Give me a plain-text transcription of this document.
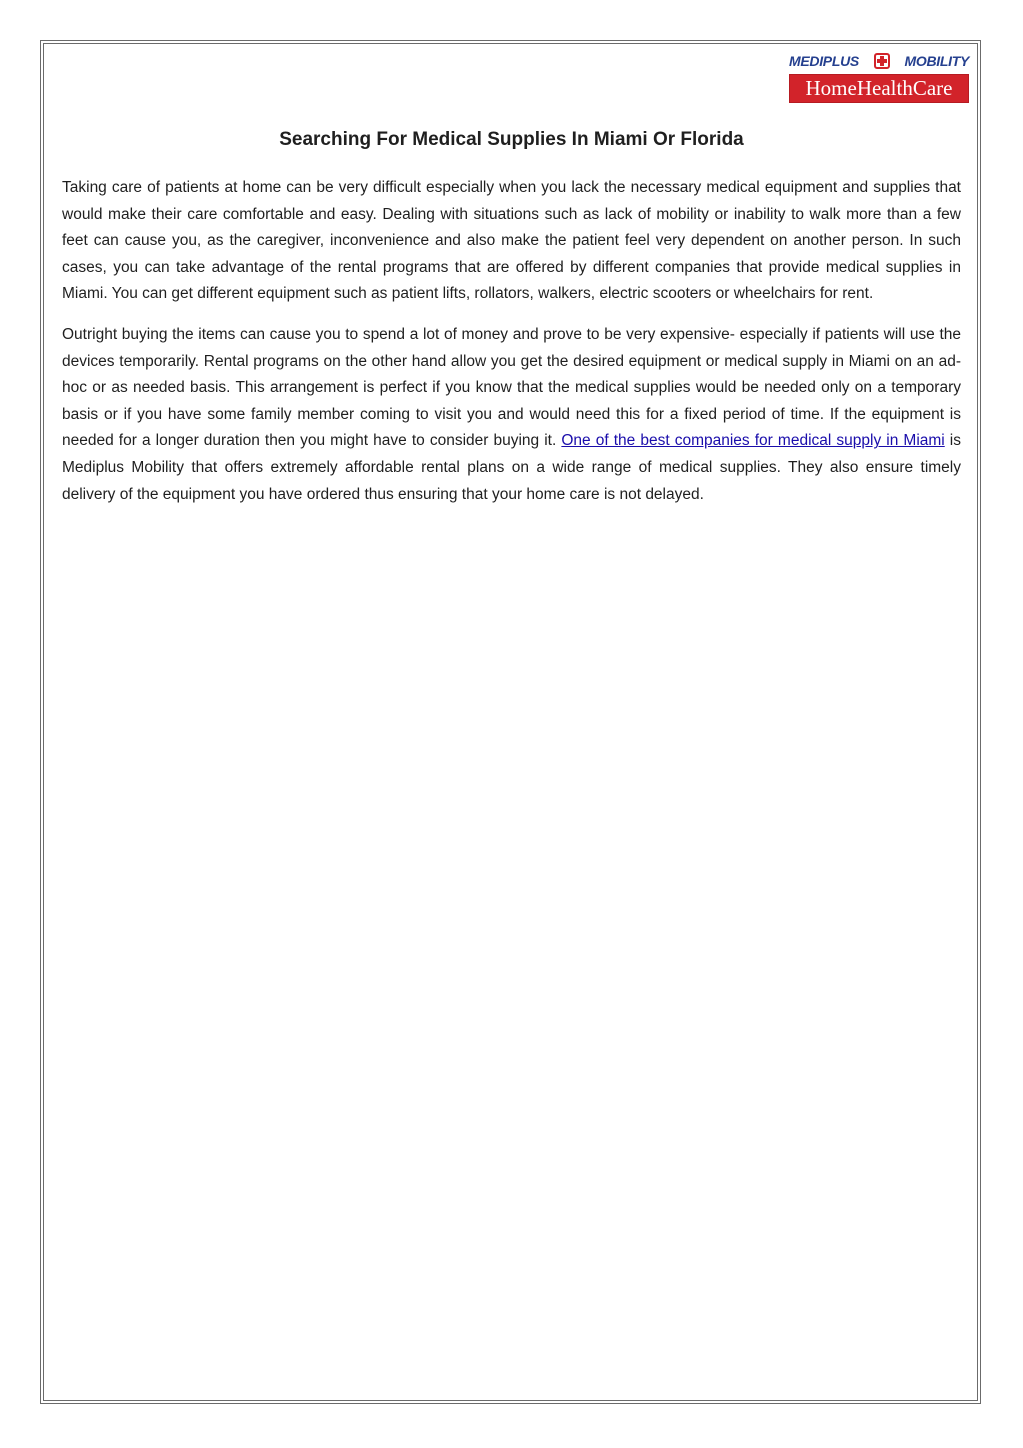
MEDIPLUS	MOBILITY
Home HealthCare
Searching For Medical Supplies In Miami Or Florida

Taking care of patients at home can be very difficult especially when you lack the necessary medical equipment and supplies that would make their care comfortable and easy. Dealing with situations such as lack of mobility or inability to walk more than a few feet can cause you, as the caregiver, inconvenience and also make the patient feel very dependent on another person. In such cases, you can take advantage of the rental programs that are offered by different companies that provide medical supplies in Miami. You can get different equipment such as patient lifts, rollators, walkers, electric scooters or wheelchairs for rent.

Outright buying the items can cause you to spend a lot of money and prove to be very expensive- especially if patients will use the devices temporarily. Rental programs on the other hand allow you get the desired equipment or medical supply in Miami on an ad-hoc or as needed basis. This arrangement is perfect if you know that the medical supplies would be needed only on a temporary basis or if you have some family member coming to visit you and would need this for a fixed period of time. If the equipment is needed for a longer duration then you might have to consider buying it. One of the best companies for medical supply in Miami is Mediplus Mobility that offers extremely affordable rental plans on a wide range of medical supplies. They also ensure timely delivery of the equipment you have ordered thus ensuring that your home care is not delayed.
